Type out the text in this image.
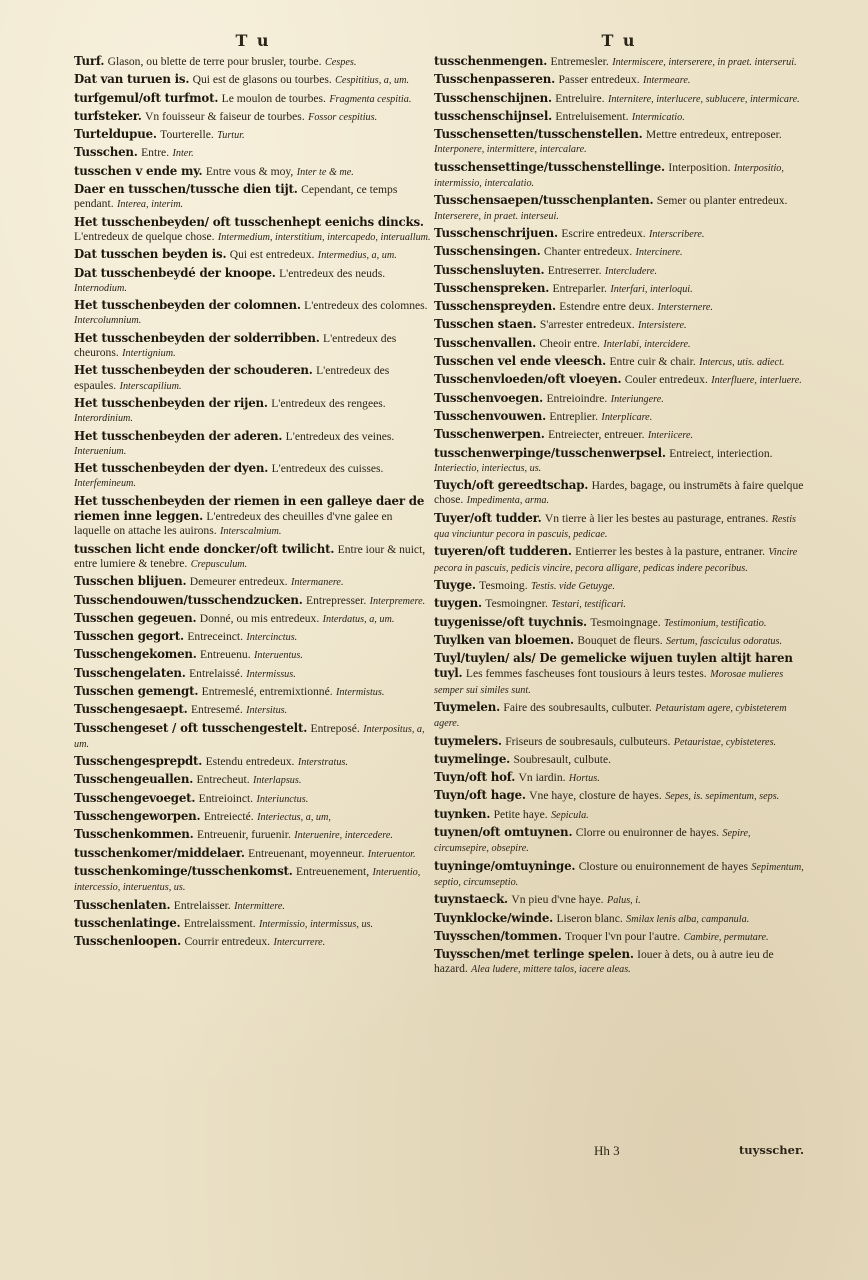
T u
Turf. Glason, ou blette de terre pour brusler, tourbe. Cespes.
Dat van turuen is. Qui est de glasons ou tourbes. Cespititius, a, um.
turfgemul/oft turfmot. Le moulon de tourbes. Fragmenta cespitia.
turfsteker. Vn fouisseur & faiseur de tourbes. Fossor cespitius.
Turteldupue. Tourterelle. Turtur.
Tusschen. Entre. Inter.
tusschen v ende my. Entre vous & moy, Inter te & me.
Daer en tusschen/tussche dien tijt. Cependant, ce temps pendant. Interea, interim.
Het tusschenbeyden/ oft tusschenhept eenichs dincks. L'entredeux de quelque chose. Intermedium, interstitium, intercapedo, interuallum.
Dat tusschen beyden is. Qui est entredeux. Intermedius, a, um.
Dat tusschenbeydé der knoope. L'entredeux des neuds. Internodium.
Het tusschenbeyden der colomnen. L'entredeux des colomnes. Intercolumnium.
Het tusschenbeyden der solderribben. L'entredeux des cheurons. Intertignium.
Het tusschenbeyden der schouderen. L'entredeux des espaules. Interscapilium.
Het tusschenbeyden der rijen. L'entredeux des rengees. Interordinium.
Het tusschenbeyden der aderen. L'entredeux des veines. Interuenium.
Het tusschenbeyden der dyen. L'entredeux des cuisses. Interfemineum.
Het tusschenbeyden der riemen in een galleye daer de riemen inne leggen. L'entredeux des cheuilles d'vne galee en laquelle on attache les auirons. Interscalmium.
tusschen licht ende doncker/oft twilicht. Entre iour & nuict, entre lumiere & tenebre. Crepusculum.
Tusschen blijuen. Demeurer entredeux. Intermanere.
Tusschendouwen/tusschendzucken. Entrepresser. Interpremere.
Tusschen gegeuen. Donné, ou mis entredeux. Interdatus, a, um.
Tusschen gegort. Entreceinct. Intercinctus.
Tusschengekomen. Entreuenu. Interuentus.
Tusschengelaten. Entrelaissé. Intermissus.
Tusschen gemengt. Entremeslé, entremixtionné. Intermistus.
Tusschengesaept. Entresemé. Intersitus.
Tusschengeset / oft tusschengestelt. Entreposé. Interpositus, a, um.
Tusschengesprepdt. Estendu entredeux. Interstratus.
Tusschengeuallen. Entrecheut. Interlapsus.
Tusschengevoeget. Entreioinct. Interiunctus.
Tusschengeworpen. Entreiecté. Interiectus, a, um,
Tusschenkommen. Entreuenir, furuenir. Interuenire, intercedere.
tusschenkomer/middelaer. Entreuenant, moyenneur. Interuentor.
tusschenkominge/tusschenkomst. Entreuenement, Interuentio, intercessio, interuentus, us.
Tusschenlaten. Entrelaisser. Intermittere.
tusschenlatinge. Entrelaissment. Intermissio, intermissus, us.
Tusschenloopen. Courrir entredeux. Intercurrere.
T u
tusschenmengen. Entremesler. Intermiscere, interserere, in praet. interserui.
Tusschenpasseren. Passer entredeux. Intermeare.
Tusschenschijnen. Entreluire. Internitere, interlucere, sublucere, intermicare.
tusschenschijnsel. Entreluisement. Intermicatio.
Tusschensetten/tusschenstellen. Mettre entredeux, entreposer. Interponere, intermittere, intercalare.
tusschensettinge/tusschenstellinge. Interposition. Interpositio, intermissio, intercalatio.
Tusschensaepen/tusschenplanten. Semer ou planter entredeux. Interserere, in praet. interseui.
Tusschenschrijuen. Escrire entredeux. Interscribere.
Tusschensingen. Chanter entredeux. Intercinere.
Tusschensluyten. Entreserrer. Intercludere.
Tusschenspreken. Entreparler. Interfari, interloqui.
Tusschenspreyden. Estendre entre deux. Intersternere.
Tusschen staen. S'arrester entredeux. Intersistere.
Tusschenvallen. Cheoir entre. Interlabi, intercidere.
Tusschen vel ende vleesch. Entre cuir & chair. Intercus, utis. adiect.
Tusschenvloeden/oft vloeyen. Couler entredeux. Interfluere, interluere.
Tusschenvoegen. Entreioindre. Interiungere.
Tusschenvouwen. Entreplier. Interplicare.
Tusschenwerpen. Entreiecter, entreuer. Interiicere.
tusschenwerpinge/tusschenwerpsel. Entreiect, interiection. Interiectio, interiectus, us.
Tuych/oft gereedtschap. Hardes, bagage, ou instrumēts à faire quelque chose. Impedimenta, arma.
Tuyer/oft tudder. Vn tierre à lier les bestes au pasturage, entranes. Restis qua vinciuntur pecora in pascuis, pedicae.
tuyeren/oft tudderen. Entierrer les bestes à la pasture, entraner. Vincire pecora in pascuis, pedicis vincire, pecora alligare, pedicas indere pecoribus.
Tuyge. Tesmoing. Testis. vide Getuyge.
tuygen. Tesmoingner. Testari, testificari.
tuygenisse/oft tuychnis. Tesmoingnage. Testimonium, testificatio.
Tuylken van bloemen. Bouquet de fleurs. Sertum, fasciculus odoratus.
Tuyl/tuylen/ als/ De gemelicke wijuen tuylen altijt haren tuyl. Les femmes fascheuses font tousiours à leurs testes. Morosae mulieres semper sui similes sunt.
Tuymelen. Faire des soubresaults, culbuter. Petauristam agere, cybisteterem agere.
tuymelers. Friseurs de soubresauls, culbuteurs. Petauristae, cybisteteres.
tuymelinge. Soubresault, culbute.
Tuyn/oft hof. Vn iardin. Hortus.
Tuyn/oft hage. Vne haye, closture de hayes. Sepes, is. sepimentum, seps.
tuynken. Petite haye. Sepicula.
tuynen/oft omtuynen. Clorre ou enuironner de hayes. Sepire, circumsepire, obsepire.
tuyninge/omtuyninge. Closture ou enuironnement de hayes Sepimentum, septio, circumseptio.
tuynstaeck. Vn pieu d'vne haye. Palus, i.
Tuynklocke/winde. Liseron blanc. Smilax lenis alba, campanula.
Tuysschen/tommen. Troquer l'vn pour l'autre. Cambire, permutare.
Tuysschen/met terlinge spelen. Iouer à dets, ou à autre ieu de hazard. Alea ludere, mittere talos, iacere aleas.
Hh 3	tuysscher.
